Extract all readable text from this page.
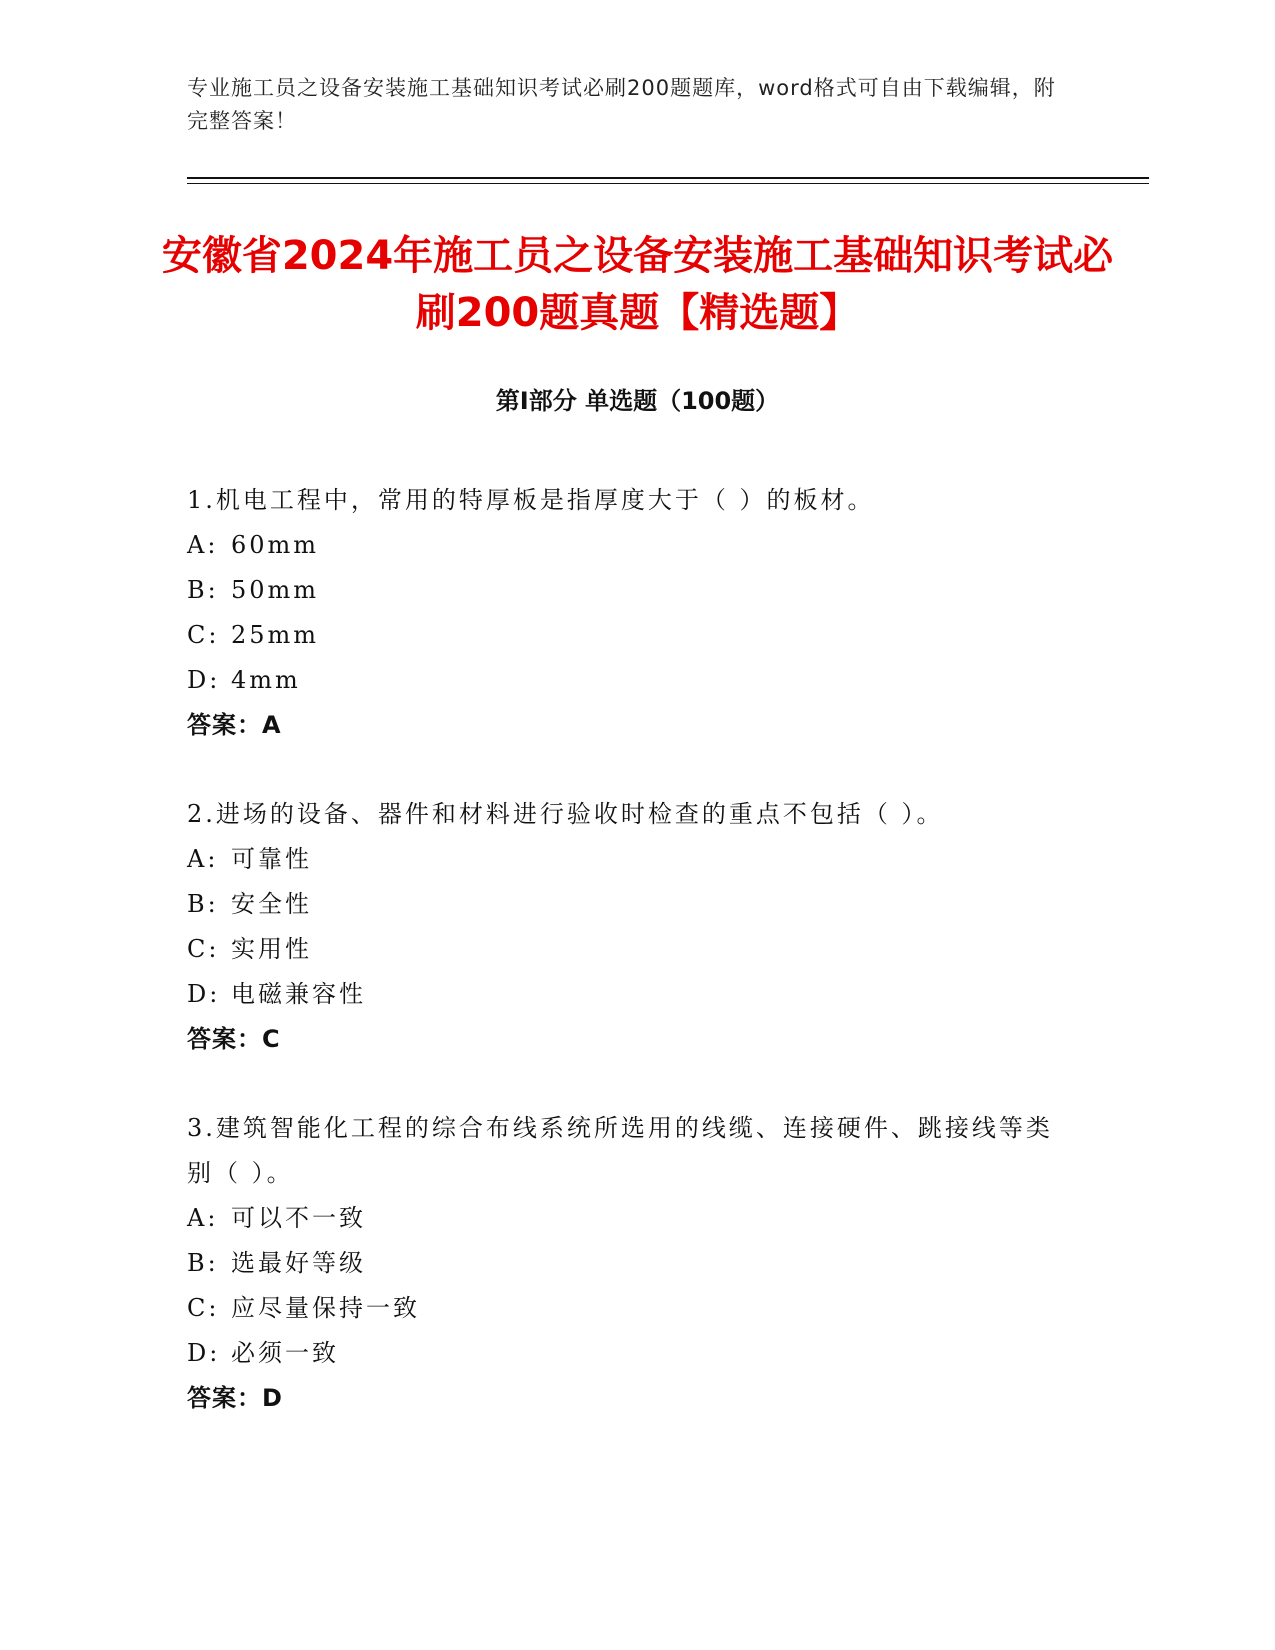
专业施工员之设备安装施工基础知识考试必刷200题题库，word格式可自由下载编辑，附完整答案！
安徽省2024年施工员之设备安装施工基础知识考试必刷200题真题【精选题】
第Ⅰ部分 单选题（100题）

1.机电工程中，常用的特厚板是指厚度大于（ ）的板材。

A: 60mm

B: 50mm

C: 25mm

D: 4mm

答案：A

2.进场的设备、器件和材料进行验收时检查的重点不包括（ ）。

A: 可靠性

B: 安全性

C: 实用性

D: 电磁兼容性

答案：C

3.建筑智能化工程的综合布线系统所选用的线缆、连接硬件、跳接线等类别（ ）。

A: 可以不一致

B: 选最好等级

C: 应尽量保持一致

D: 必须一致

答案：D
